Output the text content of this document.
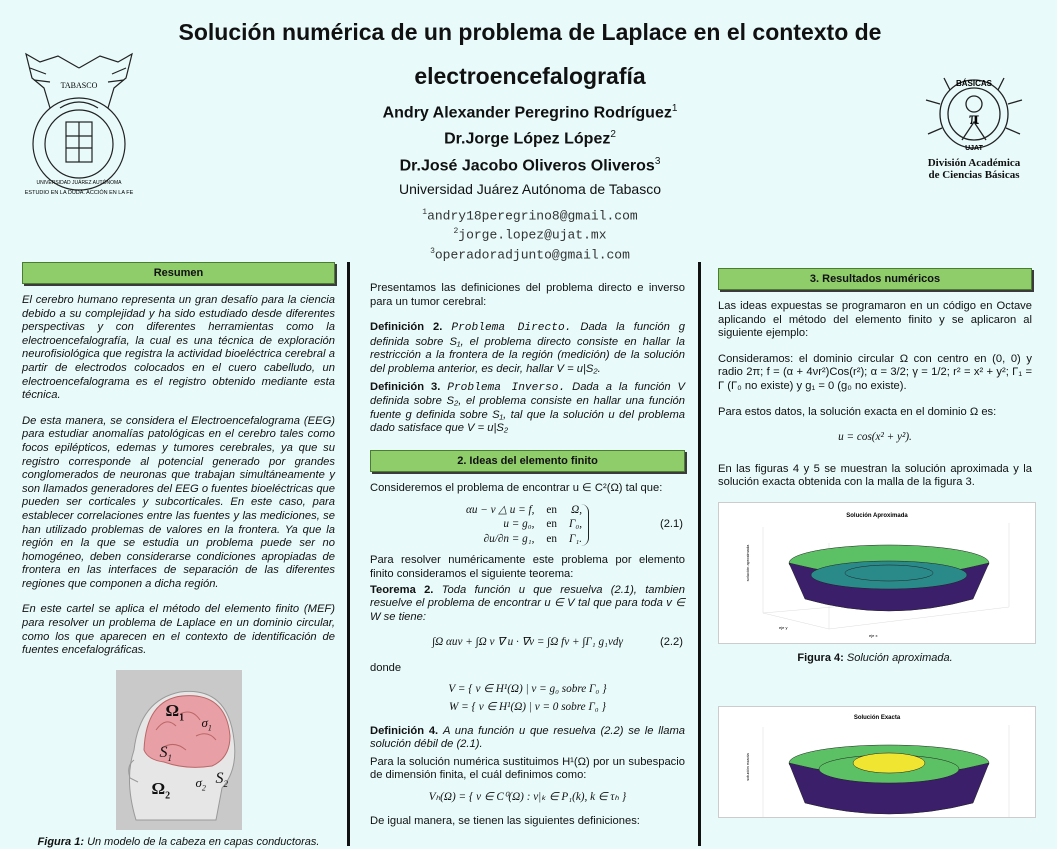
TABASCO
ESTUDIO EN LA DUDA. ACCIÓN EN LA FE
UNIVERSIDAD JUÁREZ AUTÓNOMA
BÁSICAS
π
UJAT
División Académica
de Ciencias Básicas
Solución numérica de un problema de Laplace en el contexto de
electroencefalografía
Andry Alexander Peregrino Rodríguez$^1$
Dr.Jorge López López$^2$
Dr.José Jacobo Oliveros Oliveros$^3$
Universidad Juárez Autónoma de Tabasco
$^1$andry18peregrino8@gmail.com
$^2$jorge.lopez@ujat.mx
$^3$operadoradjunto@gmail.com
Resumen

El cerebro humano representa un gran desafío para la ciencia debido a su complejidad y ha sido estudiado desde diferentes perspectivas y con diferentes herramientas como la electroencefalografía, la cual es una técnica de exploración neurofisiológica que registra la actividad bioeléctrica cerebral a partir de electrodos colocados en el cuero cabelludo, un electroencefalograma es el registro obtenido mediante esta técnica.

De esta manera, se considera el Electroencefalograma (EEG) para estudiar anomalías patológicas en el cerebro tales como focos epilépticos, edemas y tumores cerebrales, ya que su registro corresponde al potencial generado por grandes conglomerados de neuronas que trabajan simultáneamente y son llamados generadores del EEG o fuentes bioeléctricas que pueden ser corticales y subcorticales. En este caso, para establecer correlaciones entre las fuentes y las mediciones, se han utilizado problemas de valores en la frontera. Ya que la región en la que se estudia un problema puede ser no homogéneo, deben considerarse condiciones apropiadas de frontera en las interfaces de separación de las diferentes regiones que componen a dicha región.

En este cartel se aplica el método del elemento finito (MEF) para resolver un problema de Laplace en un dominio circular, como los que aparecen en el contexto de identificación de fuentes encefalográficas.

$\Omega_1$ $\sigma_1$
$S_1$
$\sigma_2$
$S_2$
$\Omega_2$
Figura 1: Un modelo de la cabeza en capas conductoras.

Presentamos las definiciones del problema directo e inverso para un tumor cerebral:

Definición 2. Problema Directo. Dada la función g definida sobre S₁, el problema directo consiste en hallar la restricción a la frontera de la región (medición) de la solución del problema anterior, es decir, hallar V = u|S₂.

Definición 3. Problema Inverso. Dada a la función V definida sobre S₂, el problema consiste en hallar una función fuente g definida sobre S₁, tal que la solución u del problema dado satisface que V = u|S₂

2. Ideas del elemento finito

Consideremos el problema de encontrar u ∈ C²(Ω) tal que:

αu − ν △ u = f, en Ω,
u = g₀, en Γ₀,
∂u/∂n = g₁, en Γ₁.
(2.1)

Para resolver numéricamente este problema por elemento finito consideramos el siguiente teorema:

Teorema 2. Toda función u que resuelva (2.1), tambien resuelve el problema de encontrar u ∈ V tal que para toda v ∈ W se tiene:

∫Ω αuv + ∫Ω v ∇ u · ∇v = ∫Ω fv + ∫Γ₁ g₁vdγ	(2.2)

donde

V = { v ∈ H¹(Ω) | v = g₀ sobre Γ₀ }
W = { v ∈ H¹(Ω) | v = 0 sobre Γ₀ }

Definición 4. A una función u que resuelva (2.2) se le llama solución débil de (2.1).

Para la solución numérica sustituimos H¹(Ω) por un subespacio de dimensión finita, el cuál definimos como:

Vₕ(Ω) = { v ∈ C⁰(Ω) : v|ₖ ∈ P₁(k), k ∈ τₕ }

De igual manera, se tienen las siguientes definiciones:

3. Resultados numéricos

Las ideas expuestas se programaron en un código en Octave aplicando el método del elemento finito y se aplicaron al siguiente ejemplo:

Consideramos: el dominio circular Ω con centro en (0, 0) y radio 2π; f = (α + 4νr²)Cos(r²); α = 3/2; γ = 1/2; r² = x² + y²; Γ₁ = Γ (Γ₀ no existe) y g₁ = 0 (g₀ no existe).

Para estos datos, la solución exacta en el dominio Ω es:

u = cos(x² + y²).

En las figuras 4 y 5 se muestran la solución aproximada y la solución exacta obtenida con la malla de la figura 3.

Solución Aproximada
solución aproximada
eje y
eje x
Figura 4: Solución aproximada.
Solución Exacta
solución exacta
